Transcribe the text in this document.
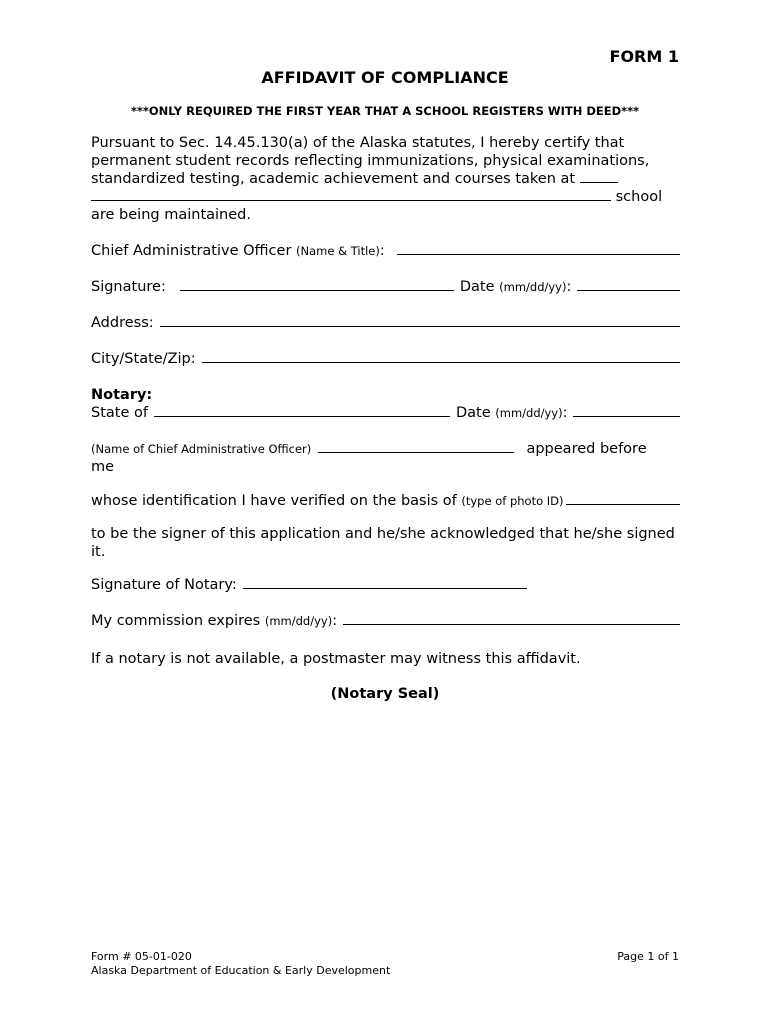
FORM 1
AFFIDAVIT OF COMPLIANCE
***ONLY REQUIRED THE FIRST YEAR THAT A SCHOOL REGISTERS WITH DEED***
Pursuant to Sec. 14.45.130(a) of the Alaska statutes, I hereby certify that permanent student records reflecting immunizations, physical examinations, standardized testing, academic achievement and courses taken at
school
are being maintained.
Chief Administrative Officer
(Name & Title) :
Signature:	Date
(mm/dd/yy) :
Address:
City/State/Zip:
Notary:
State of	Date
(mm/dd/yy) :
(Name of Chief Administrative Officer)	appeared before
me
whose identification I have verified on the basis of
(type of photo ID)
to be the signer of this application and he/she acknowledged that he/she signed it.
Signature of Notary:
My commission expires
(mm/dd/yy) :
If a notary is not available, a postmaster may witness this affidavit.
(Notary Seal)
Form # 05-01-020
Alaska Department of Education & Early Development
Page 1 of 1
